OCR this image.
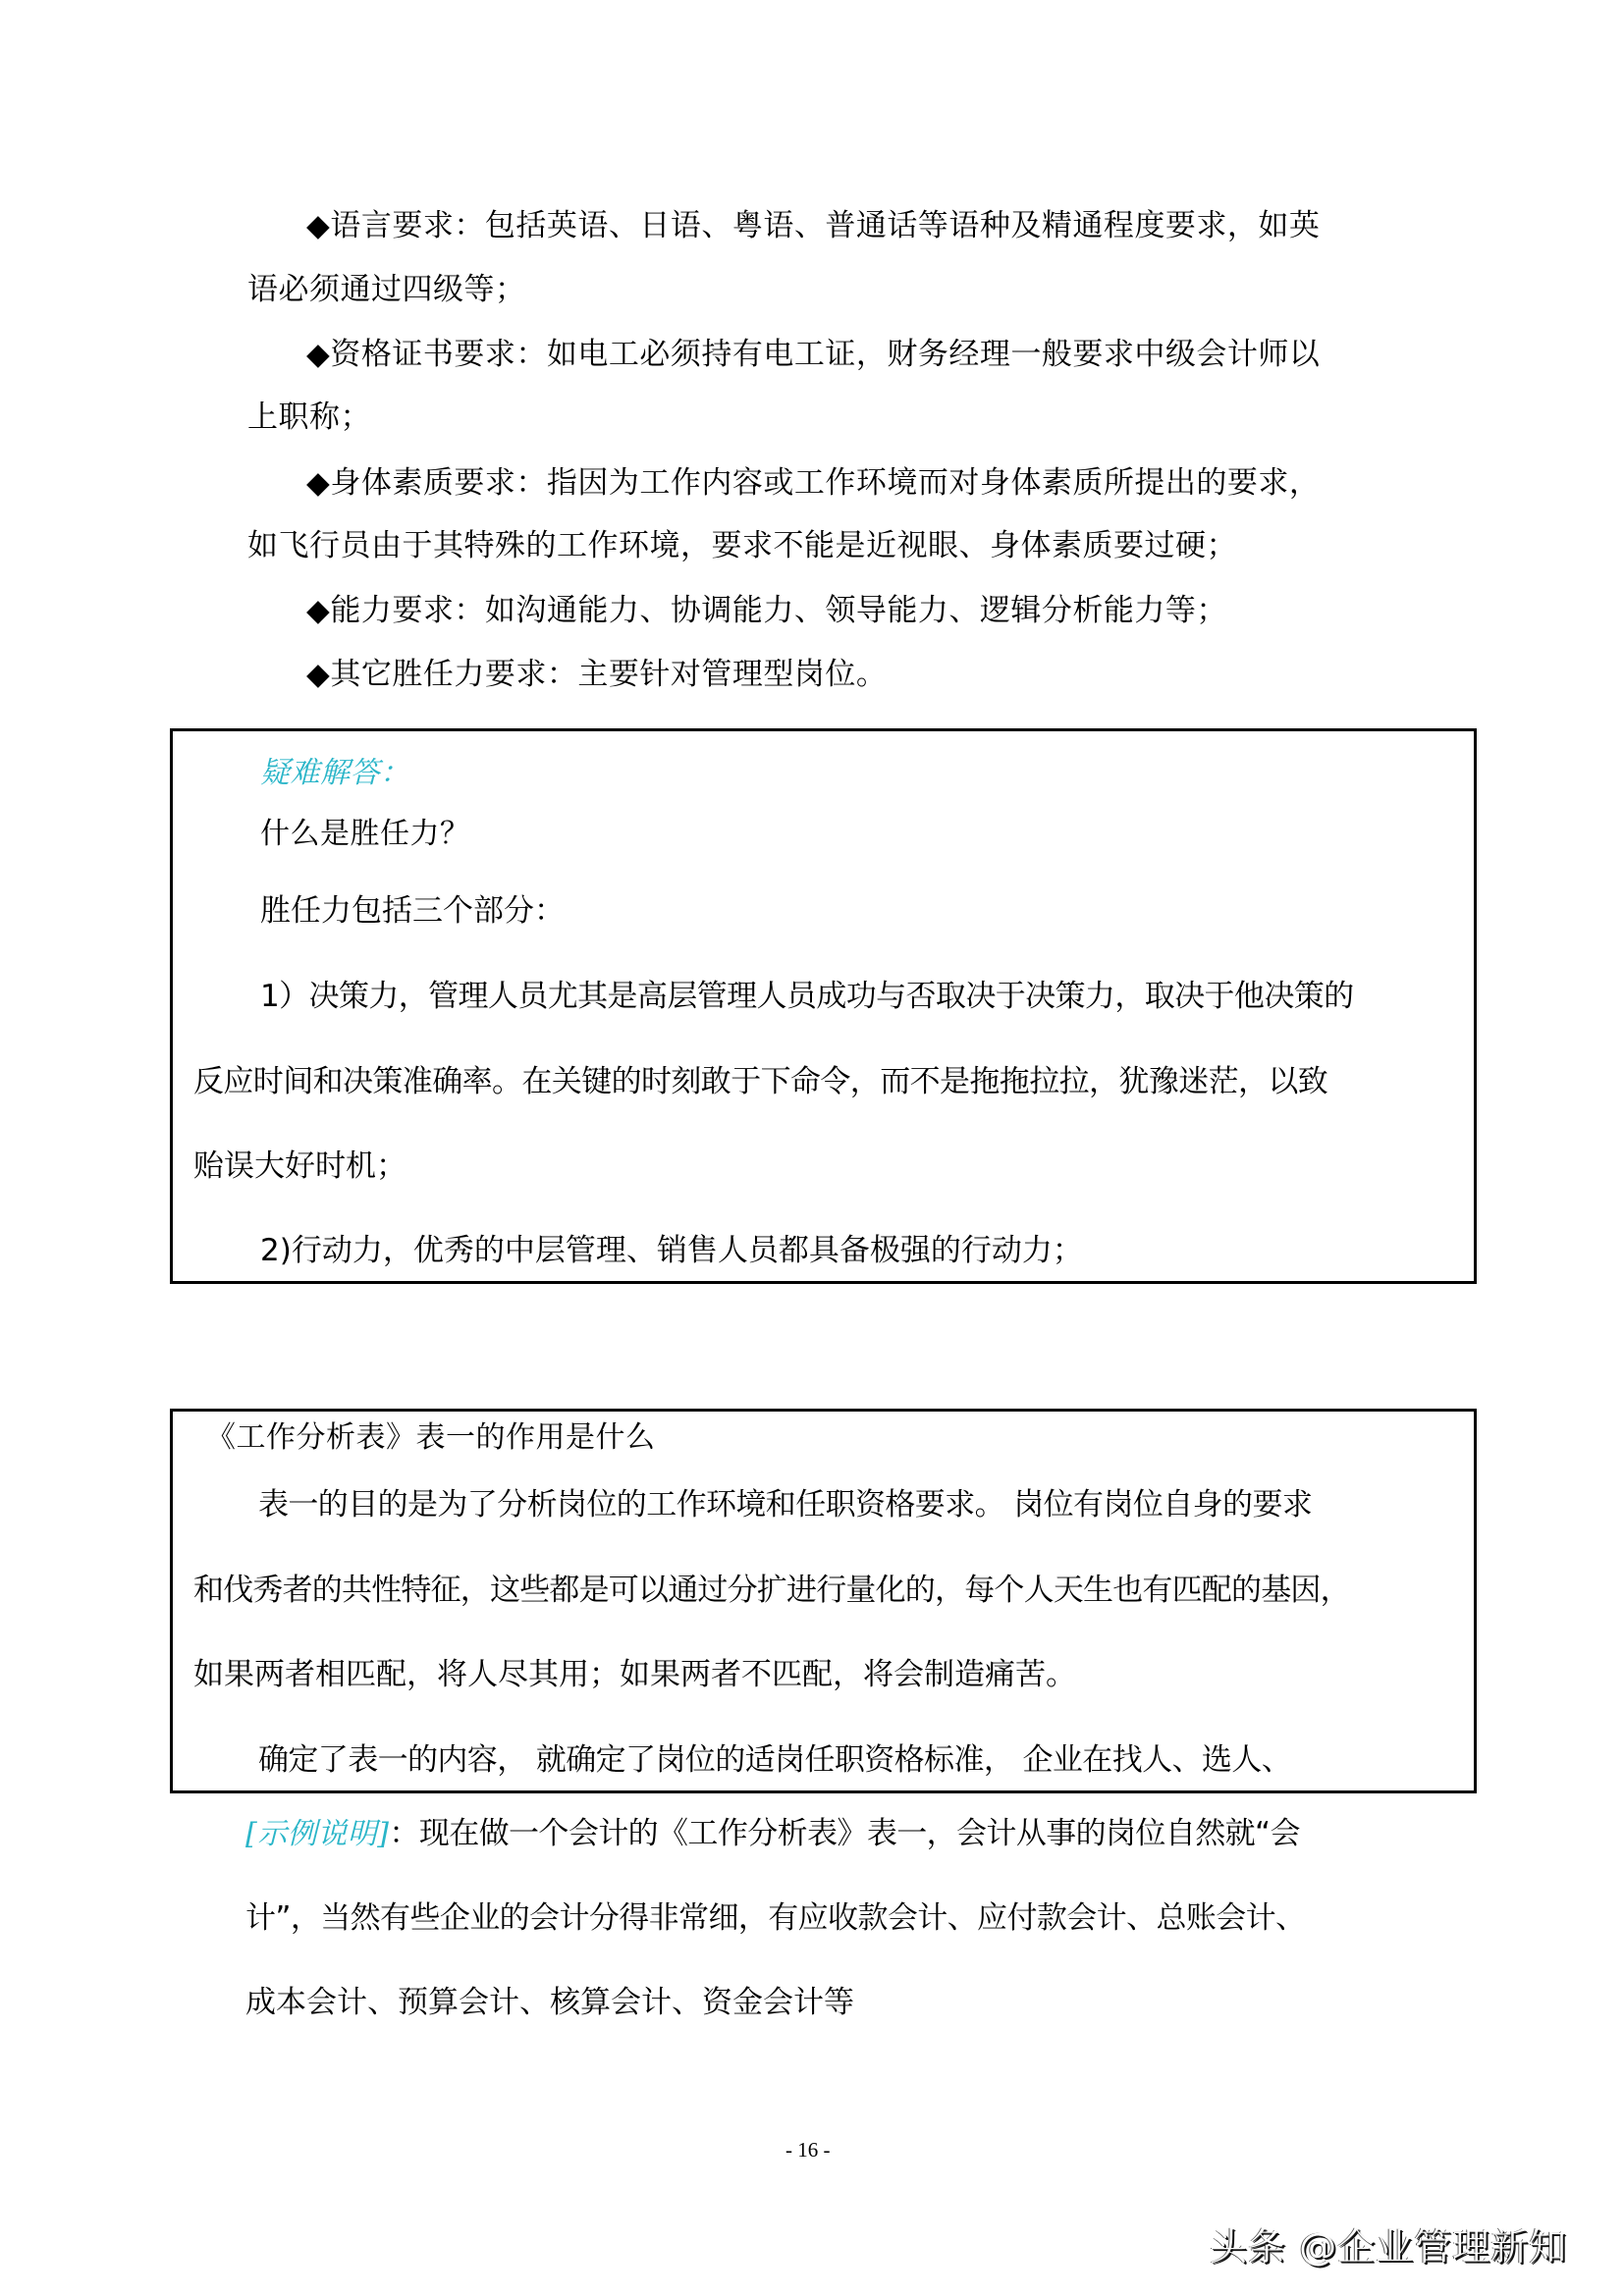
◆语言要求：包括英语、日语、粤语、普通话等语种及精通程度要求，如英
语必须通过四级等；
◆资格证书要求：如电工必须持有电工证，财务经理一般要求中级会计师以
上职称；
◆身体素质要求：指因为工作内容或工作环境而对身体素质所提出的要求，
如飞行员由于其特殊的工作环境，要求不能是近视眼、身体素质要过硬；
◆能力要求：如沟通能力、协调能力、领导能力、逻辑分析能力等；
◆其它胜任力要求：主要针对管理型岗位。
疑难解答：
什么是胜任力？
胜任力包括三个部分：
1）决策力，管理人员尤其是高层管理人员成功与否取决于决策力，取决于他决策的
反应时间和决策准确率。在关键的时刻敢于下命令，而不是拖拖拉拉，犹豫迷茫，以致
贻误大好时机；
2)行动力，优秀的中层管理、销售人员都具备极强的行动力；
《工作分析表》表一的作用是什么
表一的目的是为了分析岗位的工作环境和任职资格要求。 岗位有岗位自身的要求
和伐秀者的共性特征，这些都是可以通过分扩进行量化的，每个人天生也有匹配的基因，
如果两者相匹配，将人尽其用；如果两者不匹配，将会制造痛苦。
确定了表一的内容， 就确定了岗位的适岗任职资格标准， 企业在找人、选人、
[示例说明]：现在做一个会计的《工作分析表》表一，会计从事的岗位自然就“会
计”，当然有些企业的会计分得非常细，有应收款会计、应付款会计、总账会计、
成本会计、预算会计、核算会计、资金会计等
- 16 -
头条 @企业管理新知
